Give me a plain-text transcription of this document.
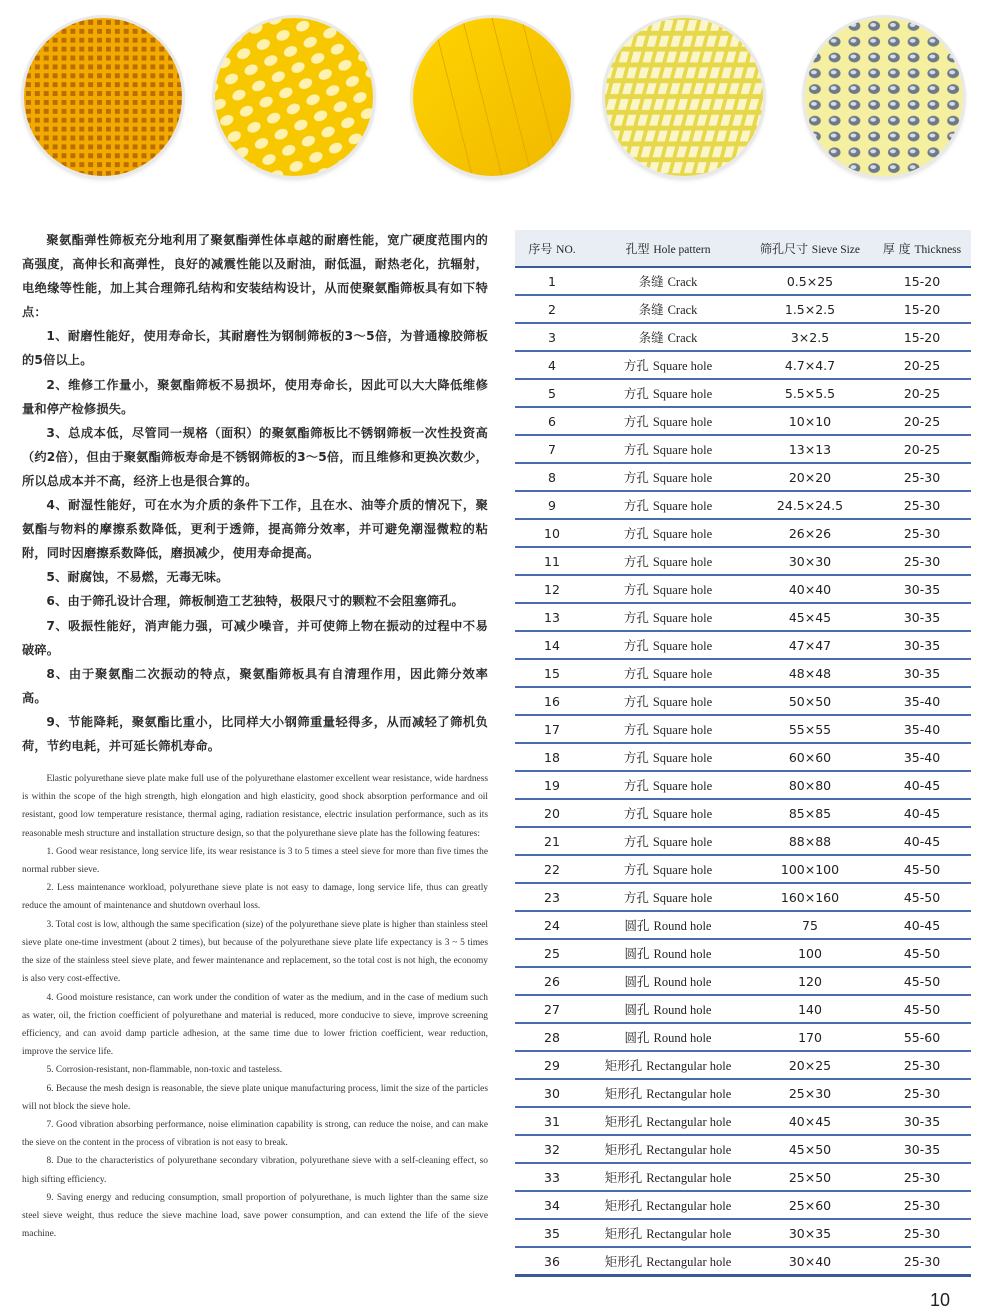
聚氨酯弹性筛板充分地利用了聚氨酯弹性体卓越的耐磨性能，宽广硬度范围内的高强度，高伸长和高弹性，良好的减震性能以及耐油，耐低温，耐热老化，抗辐射，电绝缘等性能，加上其合理筛孔结构和安装结构设计，从而使聚氨酯筛板具有如下特点：

1、耐磨性能好，使用寿命长，其耐磨性为钢制筛板的3～5倍，为普通橡胶筛板的5倍以上。

2、维修工作量小，聚氨酯筛板不易损坏，使用寿命长，因此可以大大降低维修量和停产检修损失。

3、总成本低，尽管同一规格（面积）的聚氨酯筛板比不锈钢筛板一次性投资高（约2倍），但由于聚氨酯筛板寿命是不锈钢筛板的3～5倍，而且维修和更换次数少，所以总成本并不高，经济上也是很合算的。

4、耐湿性能好，可在水为介质的条件下工作，且在水、油等介质的情况下，聚氨酯与物料的摩擦系数降低，更利于透筛，提高筛分效率，并可避免潮湿微粒的粘附，同时因磨擦系数降低，磨损减少，使用寿命提高。

5、耐腐蚀，不易燃，无毒无味。

6、由于筛孔设计合理，筛板制造工艺独特，极限尺寸的颗粒不会阻塞筛孔。

7、吸振性能好，消声能力强，可减少噪音，并可使筛上物在振动的过程中不易破碎。

8、由于聚氨酯二次振动的特点，聚氨酯筛板具有自清理作用，因此筛分效率高。

9、节能降耗，聚氨酯比重小，比同样大小钢筛重量轻得多，从而减轻了筛机负荷，节约电耗，并可延长筛机寿命。

Elastic polyurethane sieve plate make full use of the polyurethane elastomer excellent wear resistance, wide hardness is within the scope of the high strength, high elongation and high elasticity, good shock absorption performance and oil resistant, good low temperature resistance, thermal aging, radiation resistance, electric insulation performance, such as its reasonable mesh structure and installation structure design, so that the polyurethane sieve plate has the following features:

1. Good wear resistance, long service life, its wear resistance is 3 to 5 times a steel sieve for more than five times the normal rubber sieve.

2. Less maintenance workload, polyurethane sieve plate is not easy to damage, long service life, thus can greatly reduce the amount of maintenance and shutdown overhaul loss.

3. Total cost is low, although the same specification (size) of the polyurethane sieve plate is higher than stainless steel sieve plate one-time investment (about 2 times), but because of the polyurethane sieve plate life expectancy is 3 ~ 5 times the size of the stainless steel sieve plate, and fewer maintenance and replacement, so the total cost is not high, the economy is also very cost-effective.

4. Good moisture resistance, can work under the condition of water as the medium, and in the case of medium such as water, oil, the friction coefficient of polyurethane and material is reduced, more conducive to sieve, improve screening efficiency, and can avoid damp particle adhesion, at the same time due to lower friction coefficient, wear reduction, improve the service life.

5. Corrosion-resistant, non-flammable, non-toxic and tasteless.

6. Because the mesh design is reasonable, the sieve plate unique manufacturing process, limit the size of the particles will not block the sieve hole.

7. Good vibration absorbing performance, noise elimination capability is strong, can reduce the noise, and can make the sieve on the content in the process of vibration is not easy to break.

8. Due to the characteristics of polyurethane secondary vibration, polyurethane sieve with a self-cleaning effect, so high sifting efficiency.

9. Saving energy and reducing consumption, small proportion of polyurethane, is much lighter than the same size steel sieve weight, thus reduce the sieve machine load, save power consumption, and can extend the life of the sieve machine.

序号 NO.	孔型 Hole pattern	筛孔尺寸 Sieve Size	厚 度 Thickness
1	条缝 Crack	0.5×25	15-20
2	条缝 Crack	1.5×2.5	15-20
3	条缝 Crack	3×2.5	15-20
4	方孔 Square hole	4.7×4.7	20-25
5	方孔 Square hole	5.5×5.5	20-25
6	方孔 Square hole	10×10	20-25
7	方孔 Square hole	13×13	20-25
8	方孔 Square hole	20×20	25-30
9	方孔 Square hole	24.5×24.5	25-30
10	方孔 Square hole	26×26	25-30
11	方孔 Square hole	30×30	25-30
12	方孔 Square hole	40×40	30-35
13	方孔 Square hole	45×45	30-35
14	方孔 Square hole	47×47	30-35
15	方孔 Square hole	48×48	30-35
16	方孔 Square hole	50×50	35-40
17	方孔 Square hole	55×55	35-40
18	方孔 Square hole	60×60	35-40
19	方孔 Square hole	80×80	40-45
20	方孔 Square hole	85×85	40-45
21	方孔 Square hole	88×88	40-45
22	方孔 Square hole	100×100	45-50
23	方孔 Square hole	160×160	45-50
24	圆孔 Round hole	75	40-45
25	圆孔 Round hole	100	45-50
26	圆孔 Round hole	120	45-50
27	圆孔 Round hole	140	45-50
28	圆孔 Round hole	170	55-60
29	矩形孔 Rectangular hole	20×25	25-30
30	矩形孔 Rectangular hole	25×30	25-30
31	矩形孔 Rectangular hole	40×45	30-35
32	矩形孔 Rectangular hole	45×50	30-35
33	矩形孔 Rectangular hole	25×50	25-30
34	矩形孔 Rectangular hole	25×60	25-30
35	矩形孔 Rectangular hole	30×35	25-30
36	矩形孔 Rectangular hole	30×40	25-30
10
